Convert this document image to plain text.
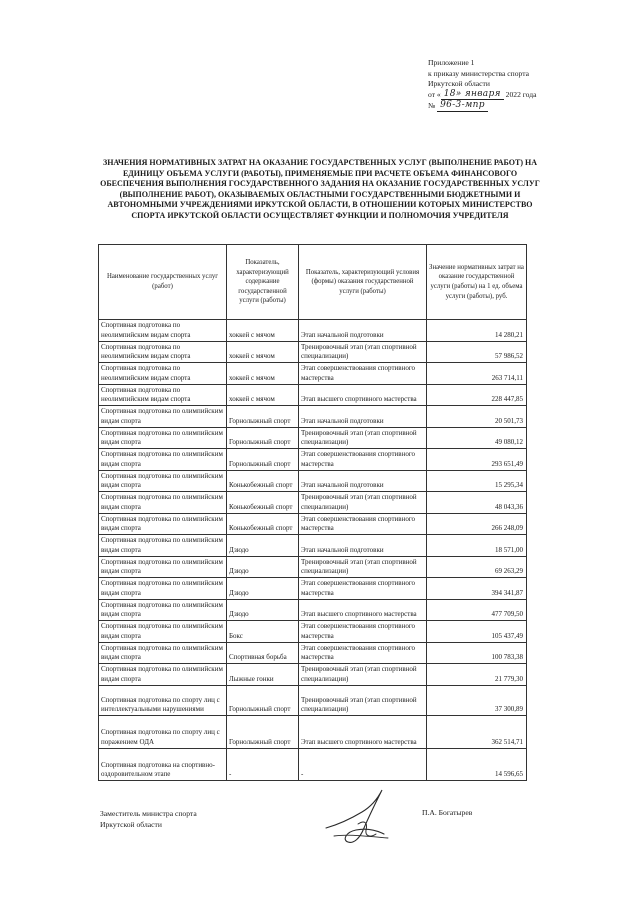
Приложение 1
к приказу министерства спорта
Иркутской области
от « 18» января 2022 года
№ 96-3-мпр
ЗНАЧЕНИЯ НОРМАТИВНЫХ ЗАТРАТ НА ОКАЗАНИЕ ГОСУДАРСТВЕННЫХ УСЛУГ (ВЫПОЛНЕНИЕ РАБОТ) НА ЕДИНИЦУ ОБЪЕМА УСЛУГИ (РАБОТЫ), ПРИМЕНЯЕМЫЕ ПРИ РАСЧЕТЕ ОБЪЕМА ФИНАНСОВОГО ОБЕСПЕЧЕНИЯ ВЫПОЛНЕНИЯ ГОСУДАРСТВЕННОГО ЗАДАНИЯ НА ОКАЗАНИЕ ГОСУДАРСТВЕННЫХ УСЛУГ (ВЫПОЛНЕНИЕ РАБОТ), ОКАЗЫВАЕМЫХ ОБЛАСТНЫМИ ГОСУДАРСТВЕННЫМИ БЮДЖЕТНЫМИ И АВТОНОМНЫМИ УЧРЕЖДЕНИЯМИ ИРКУТСКОЙ ОБЛАСТИ, В ОТНОШЕНИИ КОТОРЫХ МИНИСТЕРСТВО СПОРТА ИРКУТСКОЙ ОБЛАСТИ ОСУЩЕСТВЛЯЕТ ФУНКЦИИ И ПОЛНОМОЧИЯ УЧРЕДИТЕЛЯ
Наименование государственных услуг (работ)	Показатель, характеризующий содержание государственной услуги (работы)	Показатель, характеризующий условия (формы) оказания государственной услуги (работы)	Значение нормативных затрат на оказание государственной услуги (работы) на 1 ед. объема услуги (работы), руб.
Спортивная подготовка по неолимпийским видам спорта	хоккей с мячом	Этап начальной подготовки	14 280,21
Спортивная подготовка по неолимпийским видам спорта	хоккей с мячом	Тренировочный этап (этап спортивной специализации)	57 986,52
Спортивная подготовка по неолимпийским видам спорта	хоккей с мячом	Этап совершенствования спортивного мастерства	263 714,11
Спортивная подготовка по неолимпийским видам спорта	хоккей с мячом	Этап высшего спортивного мастерства	228 447,85
Спортивная подготовка по олимпийским видам спорта	Горнолыжный спорт	Этап начальной подготовки	20 501,73
Спортивная подготовка по олимпийским видам спорта	Горнолыжный спорт	Тренировочный этап (этап спортивной специализации)	49 080,12
Спортивная подготовка по олимпийским видам спорта	Горнолыжный спорт	Этап совершенствования спортивного мастерства	293 651,49
Спортивная подготовка по олимпийским видам спорта	Конькобежный спорт	Этап начальной подготовки	15 295,34
Спортивная подготовка по олимпийским видам спорта	Конькобежный спорт	Тренировочный этап (этап спортивной специализации)	48 043,36
Спортивная подготовка по олимпийским видам спорта	Конькобежный спорт	Этап совершенствования спортивного мастерства	266 248,09
Спортивная подготовка по олимпийским видам спорта	Дзюдо	Этап начальной подготовки	18 571,00
Спортивная подготовка по олимпийским видам спорта	Дзюдо	Тренировочный этап (этап спортивной специализации)	69 263,29
Спортивная подготовка по олимпийским видам спорта	Дзюдо	Этап совершенствования спортивного мастерства	394 341,87
Спортивная подготовка по олимпийским видам спорта	Дзюдо	Этап высшего спортивного мастерства	477 709,50
Спортивная подготовка по олимпийским видам спорта	Бокс	Этап совершенствования спортивного мастерства	105 437,49
Спортивная подготовка по олимпийским видам спорта	Спортивная борьба	Этап совершенствования спортивного мастерства	100 783,38
Спортивная подготовка по олимпийским видам спорта	Лыжные гонки	Тренировочный этап (этап спортивной специализации)	21 779,30
Спортивная подготовка по спорту лиц с интеллектуальными нарушениями	Горнолыжный спорт	Тренировочный этап (этап спортивной специализации)	37 300,89
Спортивная подготовка по спорту лиц с поражением ОДА	Горнолыжный спорт	Этап высшего спортивного мастерства	362 514,71
Спортивная подготовка на спортивно-оздоровительном этапе	-	-	14 596,65
Заместитель министра спорта
Иркутской области
П.А. Богатырев
